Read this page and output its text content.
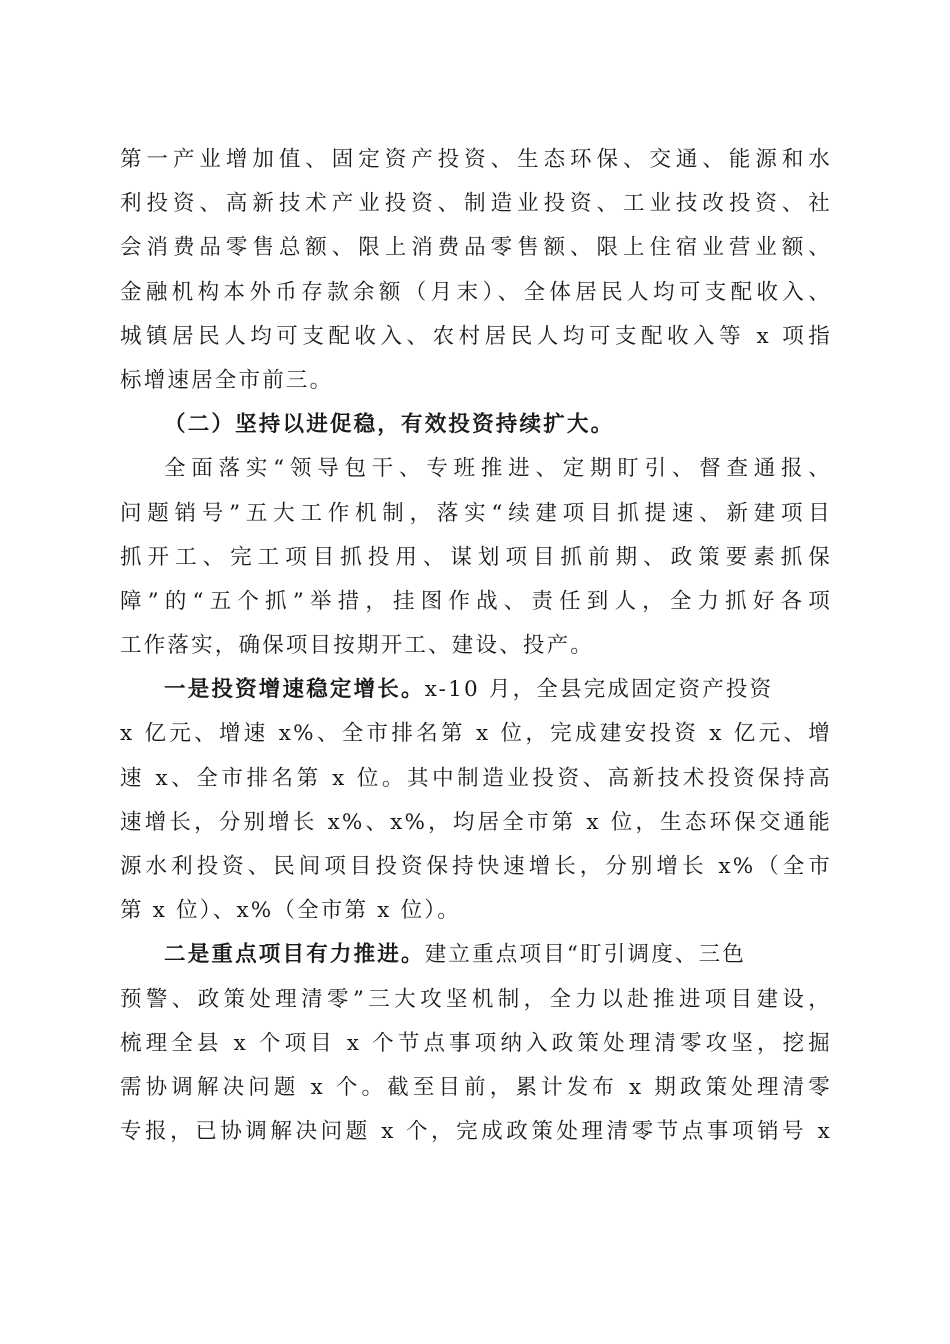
第一产业增加值、固定资产投资、生态环保、交通、能源和水
利投资、高新技术产业投资、制造业投资、工业技改投资、社
会消费品零售总额、限上消费品零售额、限上住宿业营业额、
金融机构本外币存款余额（月末）、全体居民人均可支配收入、
城镇居民人均可支配收入、农村居民人均可支配收入等 x 项指
标增速居全市前三。
（二）坚持以进促稳，有效投资持续扩大。
全面落实“领导包干、专班推进、定期盯引、督查通报、
问题销号”五大工作机制，落实“续建项目抓提速、新建项目
抓开工、完工项目抓投用、谋划项目抓前期、政策要素抓保
障”的“五个抓”举措，挂图作战、责任到人，全力抓好各项
工作落实，确保项目按期开工、建设、投产。
一是投资增速稳定增长。x-10 月，全县完成固定资产投资
x 亿元、增速 x%、全市排名第 x 位，完成建安投资 x 亿元、增
速 x、全市排名第 x 位。其中制造业投资、高新技术投资保持高
速增长，分别增长 x%、x%，均居全市第 x 位，生态环保交通能
源水利投资、民间项目投资保持快速增长，分别增长 x%（全市
第 x 位）、x%（全市第 x 位）。
二是重点项目有力推进。建立重点项目“盯引调度、三色
预警、政策处理清零”三大攻坚机制，全力以赴推进项目建设，
梳理全县 x 个项目 x 个节点事项纳入政策处理清零攻坚，挖掘
需协调解决问题 x 个。截至目前，累计发布 x 期政策处理清零
专报，已协调解决问题 x 个，完成政策处理清零节点事项销号 x
